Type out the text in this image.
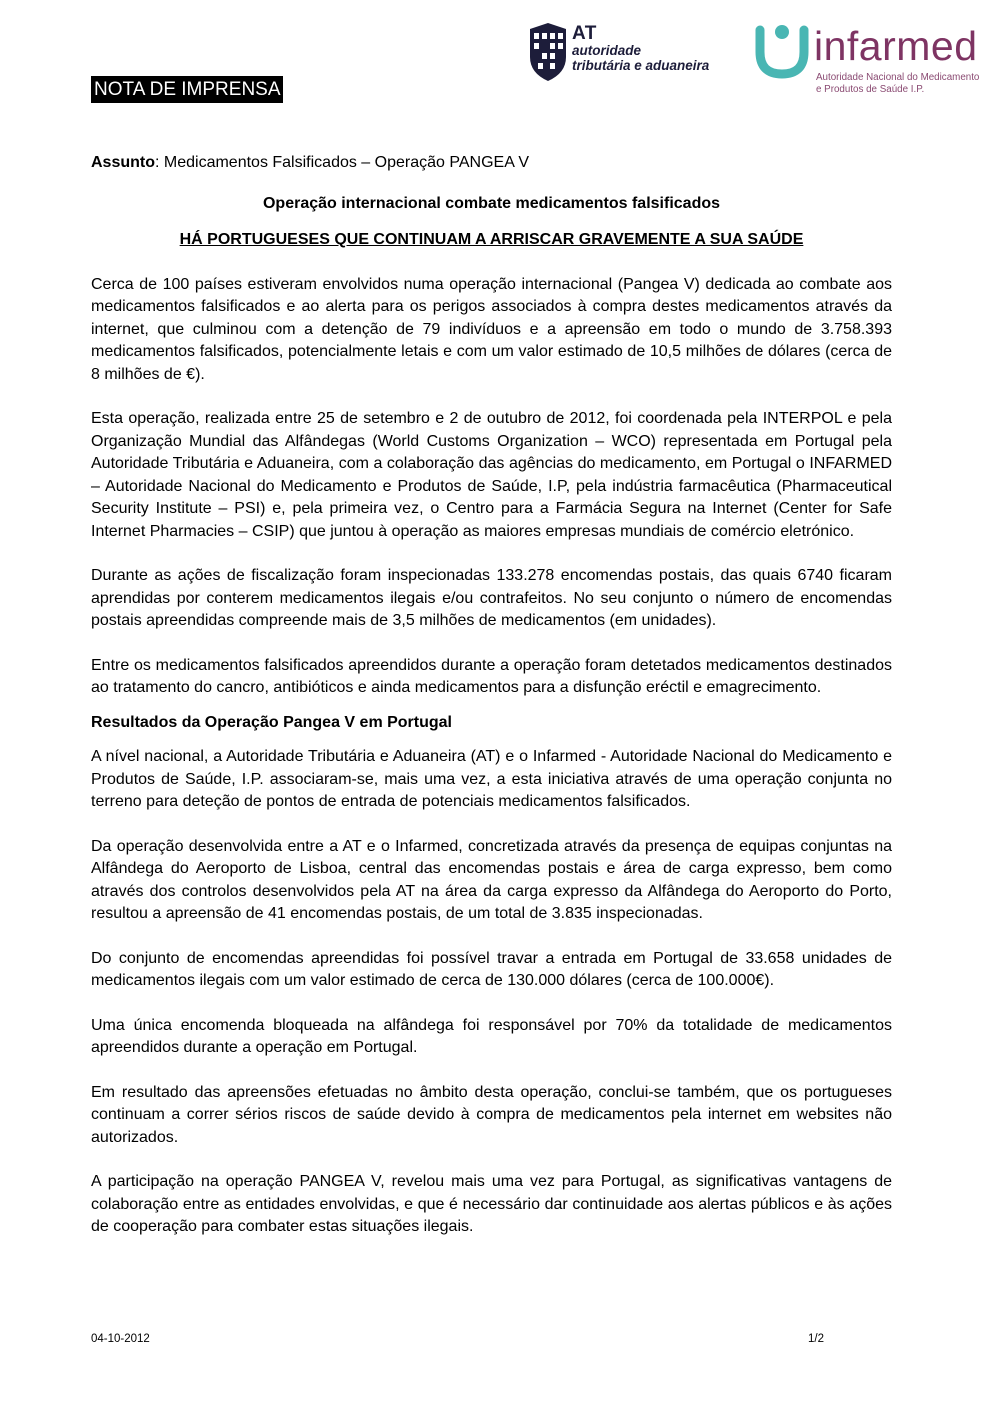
NOTA DE IMPRENSA
AT
autoridade
tributária e aduaneira	infarmed
Autoridade Nacional do Medicamento
e Produtos de Saúde I.P.

Assunto: Medicamentos Falsificados – Operação PANGEA V

Operação internacional combate medicamentos falsificados

HÁ PORTUGUESES QUE CONTINUAM A ARRISCAR GRAVEMENTE A SUA SAÚDE

Cerca de 100 países estiveram envolvidos numa operação internacional (Pangea V) dedicada ao combate aos medicamentos falsificados e ao alerta para os perigos associados à compra destes medicamentos através da internet, que culminou com a detenção de 79 indivíduos e a apreensão em todo o mundo de 3.758.393 medicamentos falsificados, potencialmente letais e com um valor estimado de 10,5 milhões de dólares (cerca de 8 milhões de €).

Esta operação, realizada entre 25 de setembro e 2 de outubro de 2012, foi coordenada pela INTERPOL e pela Organização Mundial das Alfândegas (World Customs Organization – WCO) representada em Portugal pela Autoridade Tributária e Aduaneira, com a colaboração das agências do medicamento, em Portugal o INFARMED – Autoridade Nacional do Medicamento e Produtos de Saúde, I.P, pela indústria farmacêutica (Pharmaceutical Security Institute – PSI) e, pela primeira vez, o Centro para a Farmácia Segura na Internet (Center for Safe Internet Pharmacies – CSIP) que juntou à operação as maiores empresas mundiais de comércio eletrónico.

Durante as ações de fiscalização foram inspecionadas 133.278 encomendas postais, das quais 6740 ficaram aprendidas por conterem medicamentos ilegais e/ou contrafeitos. No seu conjunto o número de encomendas postais apreendidas compreende mais de 3,5 milhões de medicamentos (em unidades).

Entre os medicamentos falsificados apreendidos durante a operação foram detetados medicamentos destinados ao tratamento do cancro, antibióticos e ainda medicamentos para a disfunção eréctil e emagrecimento.

Resultados da Operação Pangea V em Portugal

A nível nacional, a Autoridade Tributária e Aduaneira (AT) e o Infarmed - Autoridade Nacional do Medicamento e Produtos de Saúde, I.P. associaram-se, mais uma vez, a esta iniciativa através de uma operação conjunta no terreno para deteção de pontos de entrada de potenciais medicamentos falsificados.

Da operação desenvolvida entre a AT e o Infarmed, concretizada através da presença de equipas conjuntas na Alfândega do Aeroporto de Lisboa, central das encomendas postais e área de carga expresso, bem como através dos controlos desenvolvidos pela AT na área da carga expresso da Alfândega do Aeroporto do Porto, resultou a apreensão de 41 encomendas postais, de um total de 3.835 inspecionadas.

Do conjunto de encomendas apreendidas foi possível travar a entrada em Portugal de 33.658 unidades de medicamentos ilegais com um valor estimado de cerca de 130.000 dólares (cerca de 100.000€).

Uma única encomenda bloqueada na alfândega foi responsável por 70% da totalidade de medicamentos apreendidos durante a operação em Portugal.

Em resultado das apreensões efetuadas no âmbito desta operação, conclui-se também, que os portugueses continuam a correr sérios riscos de saúde devido à compra de medicamentos pela internet em websites não autorizados.

A participação na operação PANGEA V, revelou mais uma vez para Portugal, as significativas vantagens de colaboração entre as entidades envolvidas, e que é necessário dar continuidade aos alertas públicos e às ações de cooperação para combater estas situações ilegais.

04-10-2012	1/2
